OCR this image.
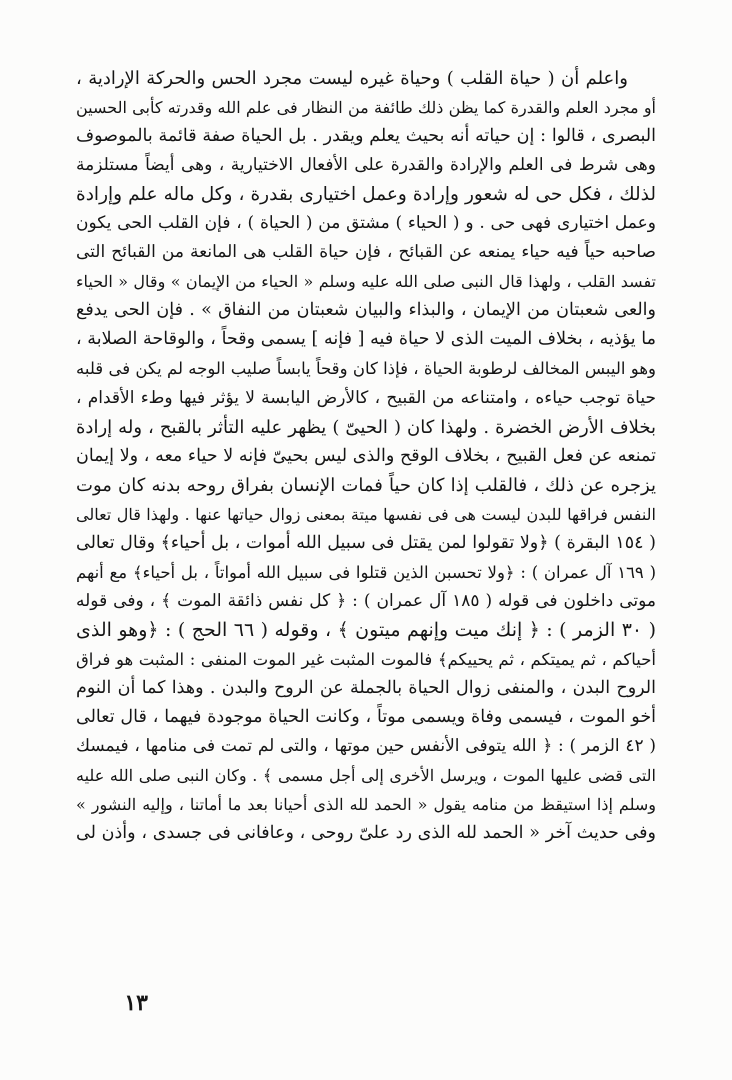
واعلم أن ( حياة القلب ) وحياة غيره ليست مجرد الحس والحركة الإرادية ،
أو مجرد العلم والقدرة كما يظن ذلك طائفة من النظار فى علم الله وقدرته كأبى الحسين
البصرى ، قالوا : إن حياته أنه بحيث يعلم ويقدر . بل الحياة صفة قائمة بالموصوف
وهى شرط فى العلم والإرادة والقدرة على الأفعال الاختيارية ، وهى أيضاً مستلزمة
لذلك ، فكل حى له شعور وإرادة وعمل اختيارى بقدرة ، وكل ماله علم وإرادة
وعمل اختيارى فهى حى . و ( الحياء ) مشتق من ( الحياة ) ، فإن القلب الحى يكون
صاحبه حياً فيه حياء يمنعه عن القبائح ، فإن حياة القلب هى المانعة من القبائح التى
تفسد القلب ، ولهذا قال النبى صلى الله عليه وسلم « الحياء من الإيمان » وقال « الحياء
والعى شعبتان من الإيمان ، والبذاء والبيان شعبتان من النفاق » . فإن الحى يدفع
ما يؤذيه ، بخلاف الميت الذى لا حياة فيه [ فإنه ] يسمى وقحاً ، والوقاحة الصلابة ،
وهو اليبس المخالف لرطوبة الحياة ، فإذا كان وقحاً يابساً صليب الوجه لم يكن فى قلبه
حياة توجب حياءه ، وامتناعه من القبيح ، كالأرض اليابسة لا يؤثر فيها وطء الأقدام ،
بخلاف الأرض الخضرة . ولهذا كان ( الحيىّ ) يظهر عليه التأثر بالقبح ، وله إرادة
تمنعه عن فعل القبيح ، بخلاف الوقح والذى ليس بحيىّ فإنه لا حياء معه ، ولا إيمان
يزجره عن ذلك ، فالقلب إذا كان حياً فمات الإنسان بفراق روحه بدنه كان موت
النفس فراقها للبدن ليست هى فى نفسها ميتة بمعنى زوال حياتها عنها . ولهذا قال تعالى
( ١٥٤ البقرة ) ﴿ولا تقولوا لمن يقتل فى سبيل الله أموات ، بل أحياء﴾ وقال تعالى
( ١٦٩ آل عمران ) : ﴿ولا تحسبن الذين قتلوا فى سبيل الله أمواتاً ، بل أحياء﴾ مع أنهم
موتى داخلون فى قوله ( ١٨٥ آل عمران ) : ﴿ كل نفس ذائقة الموت ﴾ ، وفى قوله
( ٣٠ الزمر ) : ﴿ إنك ميت وإنهم ميتون ﴾ ، وقوله ( ٦٦ الحج ) : ﴿وهو الذى
أحياكم ، ثم يميتكم ، ثم يحييكم﴾ فالموت المثبت غير الموت المنفى : المثبت هو فراق
الروح البدن ، والمنفى زوال الحياة بالجملة عن الروح والبدن . وهذا كما أن النوم
أخو الموت ، فيسمى وفاة ويسمى موتاً ، وكانت الحياة موجودة فيهما ، قال تعالى
( ٤٢ الزمر ) : ﴿ الله يتوفى الأنفس حين موتها ، والتى لم تمت فى منامها ، فيمسك
التى قضى عليها الموت ، ويرسل الأخرى إلى أجل مسمى ﴾ . وكان النبى صلى الله عليه
وسلم إذا استيقظ من منامه يقول « الحمد لله الذى أحيانا بعد ما أماتنا ، وإليه النشور »
وفى حديث آخر « الحمد لله الذى رد علىّ روحى ، وعافانى فى جسدى ، وأذن لى
١٣
